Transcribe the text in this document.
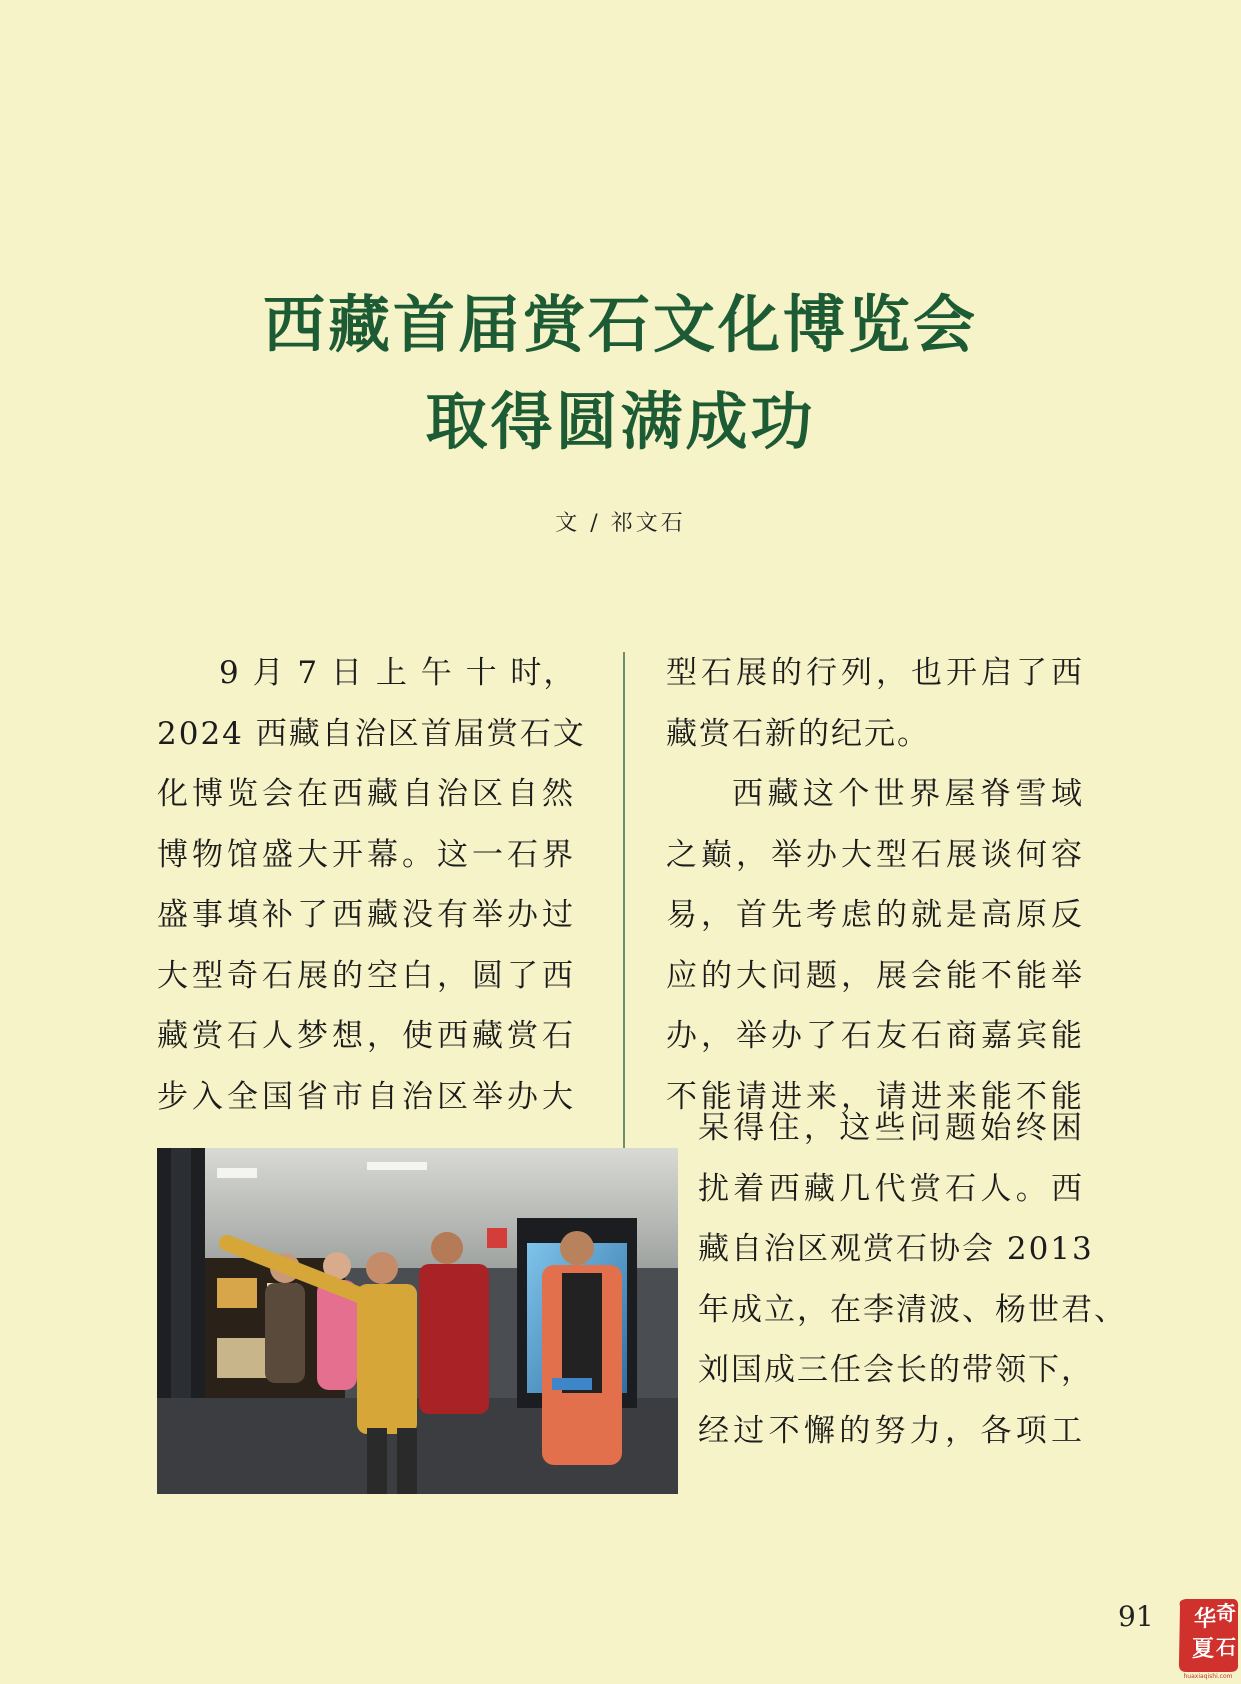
西藏首届赏石文化博览会
取得圆满成功
文 / 祁文石
9 月 7 日 上 午 十 时，
2024 西藏自治区首届赏石文
化博览会在西藏自治区自然
博物馆盛大开幕。这一石界
盛事填补了西藏没有举办过
大型奇石展的空白，圆了西
藏赏石人梦想，使西藏赏石
步入全国省市自治区举办大
型石展的行列，也开启了西
藏赏石新的纪元。
西藏这个世界屋脊雪域
之巅，举办大型石展谈何容
易，首先考虑的就是高原反
应的大问题，展会能不能举
办，举办了石友石商嘉宾能
不能请进来，请进来能不能
呆得住，这些问题始终困
扰着西藏几代赏石人。西
藏自治区观赏石协会 2013
年成立，在李清波、杨世君、
刘国成三任会长的带领下，
经过不懈的努力，各项工
91 华 奇
夏 石
huaxiaqishi.com
